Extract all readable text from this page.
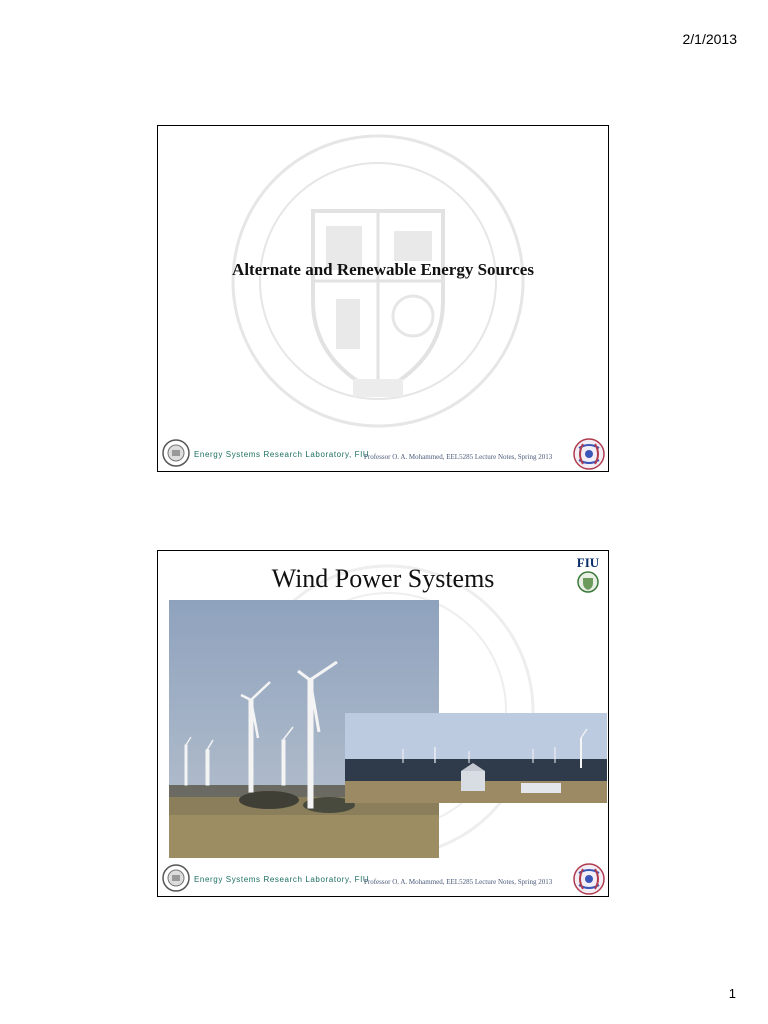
2/1/2013
Alternate and Renewable Energy Sources
Energy Systems Research Laboratory, FIU
Professor O. A. Mohammed, EEL5285 Lecture Notes, Spring 2013
Wind Power Systems
FIU
Energy Systems Research Laboratory, FIU
Professor O. A. Mohammed, EEL5285 Lecture Notes, Spring 2013
1
